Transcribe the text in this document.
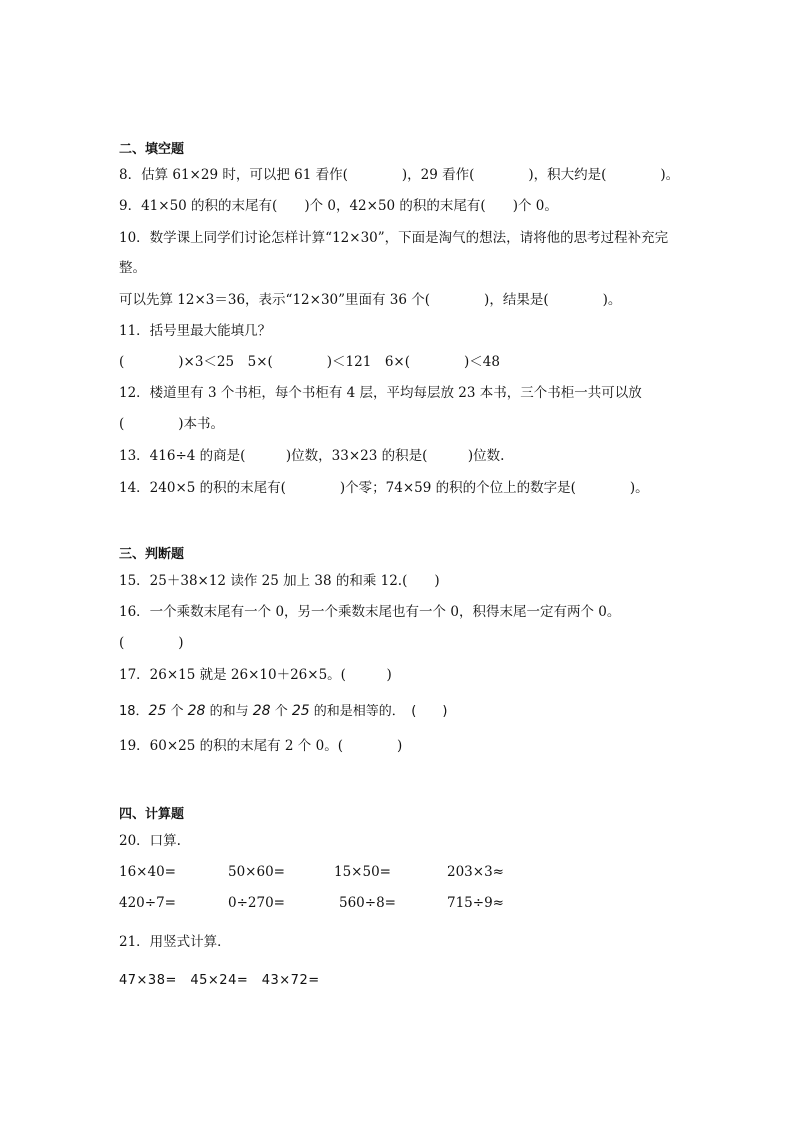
二、填空题
8．估算 61×29 时，可以把 61 看作(　　　　)，29 看作(　　　　)，积大约是(　　　　)。
9．41×50 的积的末尾有(　　)个 0，42×50 的积的末尾有(　　)个 0。
10．数学课上同学们讨论怎样计算“12×30”，下面是淘气的想法，请将他的思考过程补充完
整。
可以先算 12×3＝36，表示“12×30”里面有 36 个(　　　　)，结果是(　　　　)。
11．括号里最大能填几？
(　　　　)×3＜25　5×(　　　　)＜121　6×(　　　　)＜48
12．楼道里有 3 个书柜，每个书柜有 4 层，平均每层放 23 本书，三个书柜一共可以放
(　　　　)本书。
13．416÷4 的商是(　　　)位数，33×23 的积是(　　　)位数.
14．240×5 的积的末尾有(　　　　)个零；74×59 的积的个位上的数字是(　　　　)。
三、判断题
15．25＋38×12 读作 25 加上 38 的和乘 12.(　　)
16．一个乘数末尾有一个 0，另一个乘数末尾也有一个 0，积得末尾一定有两个 0。
(　　　　)
17．26×15 就是 26×10＋26×5。(　　　)
18．25 个 28 的和与 28 个 25 的和是相等的．　(　　)
19．60×25 的积的末尾有 2 个 0。(　　　　)
四、计算题
20．口算.
16×40=	50×60=	15×50=	203×3≈
420÷7=	0÷270=	560÷8=	715÷9≈
21．用竖式计算．
47×38=　45×24=　43×72=
